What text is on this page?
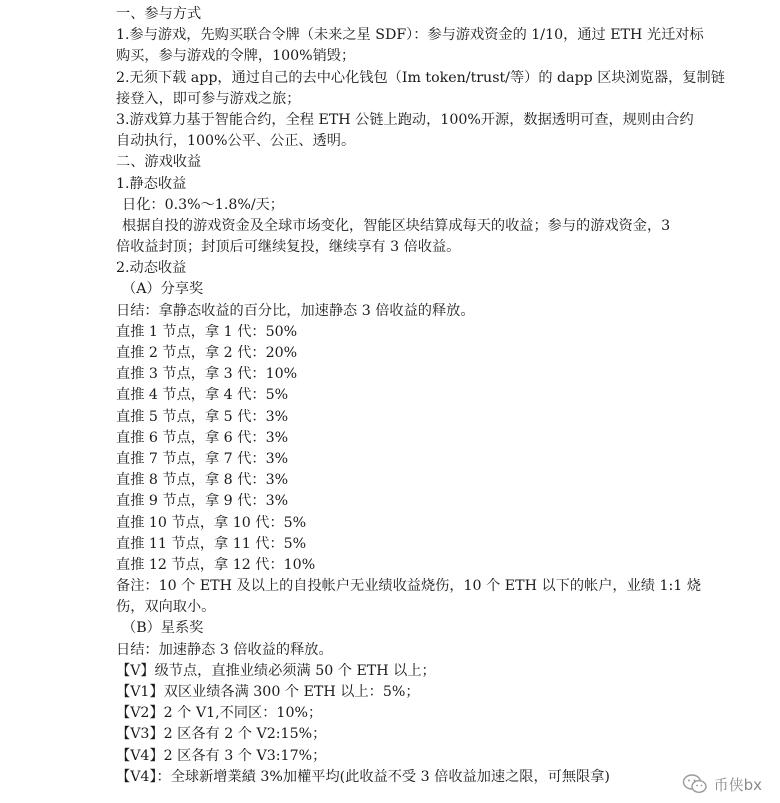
一、参与方式
1.参与游戏，先购买联合令牌（未来之星 SDF）：参与游戏资金的 1/10，通过 ETH 光迁对标
购买，参与游戏的令牌，100%销毁；
2.无须下载 app，通过自己的去中心化钱包（Im token/trust/等）的 dapp 区块浏览器，复制链
接登入，即可参与游戏之旅；
3.游戏算力基于智能合约，全程 ETH 公链上跑动，100%开源，数据透明可查，规则由合约
自动执行，100%公平、公正、透明。
二、游戏收益
1.静态收益
日化：0.3%～1.8%/天；
根据自投的游戏资金及全球市场变化，智能区块结算成每天的收益；参与的游戏资金，3
倍收益封顶；封顶后可继续复投，继续享有 3 倍收益。
2.动态收益
（A）分享奖
日结：拿静态收益的百分比，加速静态 3 倍收益的释放。
直推 1 节点，拿 1 代：50%
直推 2 节点，拿 2 代：20%
直推 3 节点，拿 3 代：10%
直推 4 节点，拿 4 代：5%
直推 5 节点，拿 5 代：3%
直推 6 节点，拿 6 代：3%
直推 7 节点，拿 7 代：3%
直推 8 节点，拿 8 代：3%
直推 9 节点，拿 9 代：3%
直推 10 节点，拿 10 代：5%
直推 11 节点，拿 11 代：5%
直推 12 节点，拿 12 代：10%
备注：10 个 ETH 及以上的自投帐户无业绩收益烧伤，10 个 ETH 以下的帐户，业绩 1:1 烧
伤，双向取小。
（B）星系奖
日结：加速静态 3 倍收益的释放。
【V】级节点，直推业绩必须满 50 个 ETH 以上；
【V1】双区业绩各满 300 个 ETH 以上：5%；
【V2】2 个 V1,不同区：10%；
【V3】2 区各有 2 个 V2:15%；
【V4】2 区各有 3 个 V3:17%；
【V4】：全球新增業績 3%加權平均(此收益不受 3 倍收益加速之限，可無限拿)	币侠bx
